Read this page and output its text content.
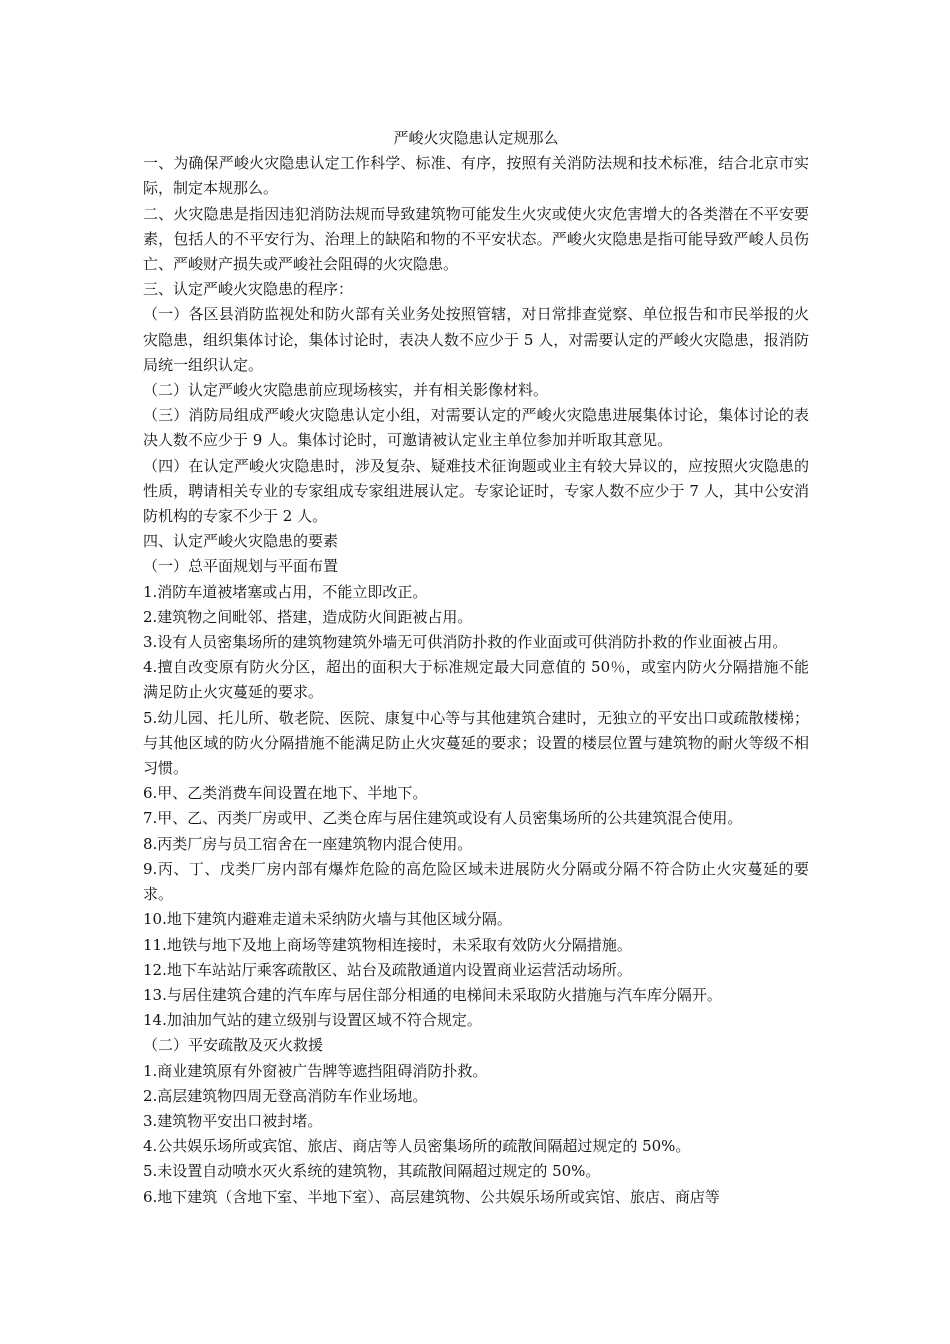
严峻火灾隐患认定规那么

一、为确保严峻火灾隐患认定工作科学、标准、有序，按照有关消防法规和技术标准，结合北京市实际，制定本规那么。

二、火灾隐患是指因违犯消防法规而导致建筑物可能发生火灾或使火灾危害增大的各类潜在不平安要素，包括人的不平安行为、治理上的缺陷和物的不平安状态。严峻火灾隐患是指可能导致严峻人员伤亡、严峻财产损失或严峻社会阻碍的火灾隐患。

三、认定严峻火灾隐患的程序：

（一）各区县消防监视处和防火部有关业务处按照管辖，对日常排查觉察、单位报告和市民举报的火灾隐患，组织集体讨论，集体讨论时，表决人数不应少于 5 人，对需要认定的严峻火灾隐患，报消防局统一组织认定。

（二）认定严峻火灾隐患前应现场核实，并有相关影像材料。

（三）消防局组成严峻火灾隐患认定小组，对需要认定的严峻火灾隐患进展集体讨论，集体讨论的表决人数不应少于 9 人。集体讨论时，可邀请被认定业主单位参加并听取其意见。

（四）在认定严峻火灾隐患时，涉及复杂、疑难技术征询题或业主有较大异议的，应按照火灾隐患的性质，聘请相关专业的专家组成专家组进展认定。专家论证时，专家人数不应少于 7 人，其中公安消防机构的专家不少于 2 人。

四、认定严峻火灾隐患的要素

（一）总平面规划与平面布置

1.消防车道被堵塞或占用，不能立即改正。

2.建筑物之间毗邻、搭建，造成防火间距被占用。

3.设有人员密集场所的建筑物建筑外墙无可供消防扑救的作业面或可供消防扑救的作业面被占用。

4.擅自改变原有防火分区，超出的面积大于标准规定最大同意值的 50％，或室内防火分隔措施不能满足防止火灾蔓延的要求。

5.幼儿园、托儿所、敬老院、医院、康复中心等与其他建筑合建时，无独立的平安出口或疏散楼梯；与其他区域的防火分隔措施不能满足防止火灾蔓延的要求；设置的楼层位置与建筑物的耐火等级不相习惯。

6.甲、乙类消费车间设置在地下、半地下。

7.甲、乙、丙类厂房或甲、乙类仓库与居住建筑或设有人员密集场所的公共建筑混合使用。

8.丙类厂房与员工宿舍在一座建筑物内混合使用。

9.丙、丁、戊类厂房内部有爆炸危险的高危险区域未进展防火分隔或分隔不符合防止火灾蔓延的要求。

10.地下建筑内避难走道未采纳防火墙与其他区域分隔。

11.地铁与地下及地上商场等建筑物相连接时，未采取有效防火分隔措施。

12.地下车站站厅乘客疏散区、站台及疏散通道内设置商业运营活动场所。

13.与居住建筑合建的汽车库与居住部分相通的电梯间未采取防火措施与汽车库分隔开。

14.加油加气站的建立级别与设置区域不符合规定。

（二）平安疏散及灭火救援

1.商业建筑原有外窗被广告牌等遮挡阻碍消防扑救。

2.高层建筑物四周无登高消防车作业场地。

3.建筑物平安出口被封堵。

4.公共娱乐场所或宾馆、旅店、商店等人员密集场所的疏散间隔超过规定的 50%。

5.未设置自动喷水灭火系统的建筑物，其疏散间隔超过规定的 50%。

6.地下建筑（含地下室、半地下室）、高层建筑物、公共娱乐场所或宾馆、旅店、商店等
